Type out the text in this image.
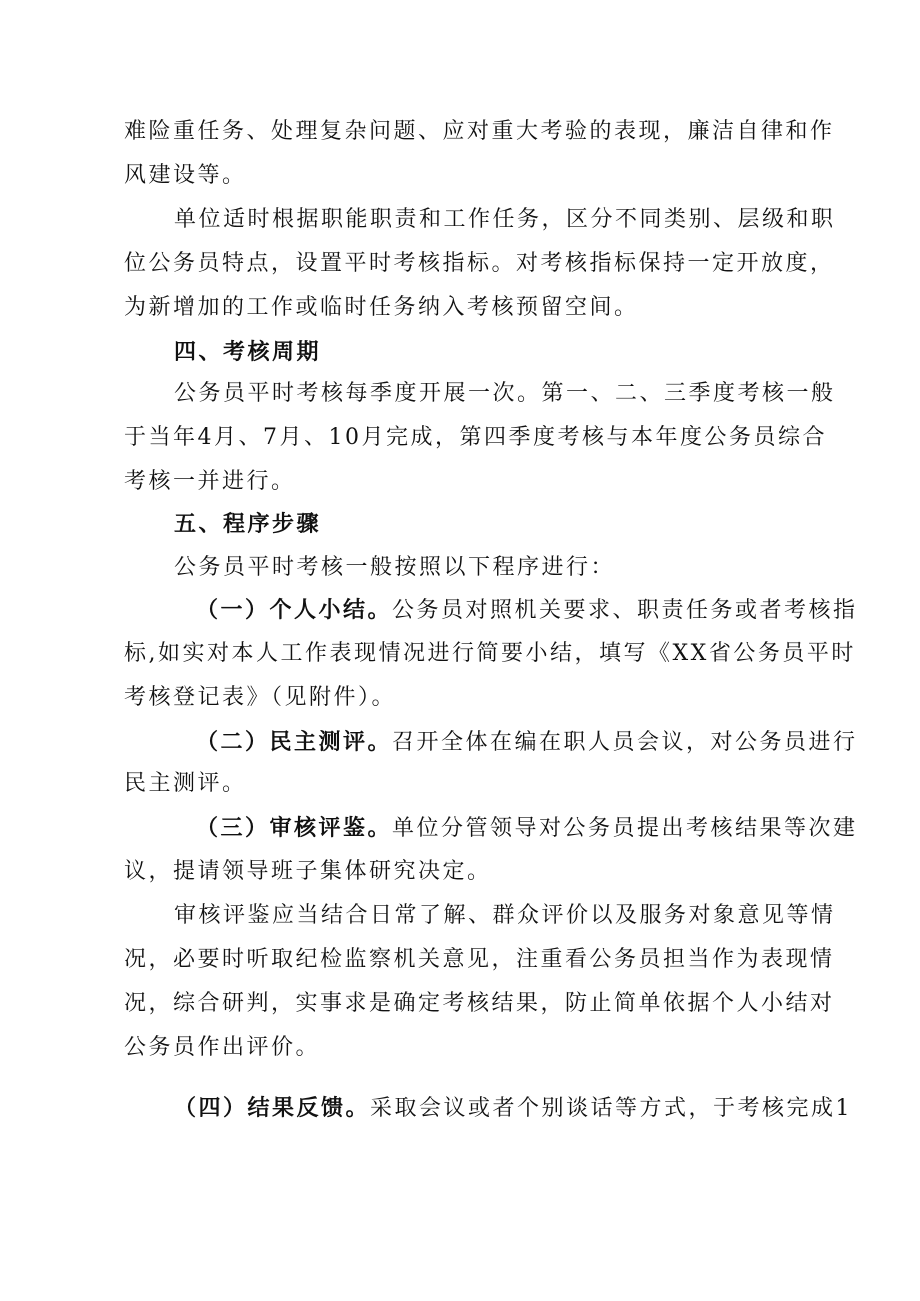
难险重任务、处理复杂问题、应对重大考验的表现，廉洁自律和作
风建设等。
单位适时根据职能职责和工作任务，区分不同类别、层级和职
位公务员特点，设置平时考核指标。对考核指标保持一定开放度，
为新增加的工作或临时任务纳入考核预留空间。
四、考核周期
公务员平时考核每季度开展一次。第一、二、三季度考核一般
于当年4月、7月、10月完成，第四季度考核与本年度公务员综合
考核一并进行。
五、程序步骤
公务员平时考核一般按照以下程序进行：
（一）个人小结。公务员对照机关要求、职责任务或者考核指
标,如实对本人工作表现情况进行简要小结，填写《XX省公务员平时
考核登记表》（见附件）。
（二）民主测评。召开全体在编在职人员会议，对公务员进行
民主测评。
（三）审核评鉴。单位分管领导对公务员提出考核结果等次建
议，提请领导班子集体研究决定。
审核评鉴应当结合日常了解、群众评价以及服务对象意见等情
况，必要时听取纪检监察机关意见，注重看公务员担当作为表现情
况，综合研判，实事求是确定考核结果，防止简单依据个人小结对
公务员作出评价。
（四）结果反馈。采取会议或者个别谈话等方式，于考核完成1
